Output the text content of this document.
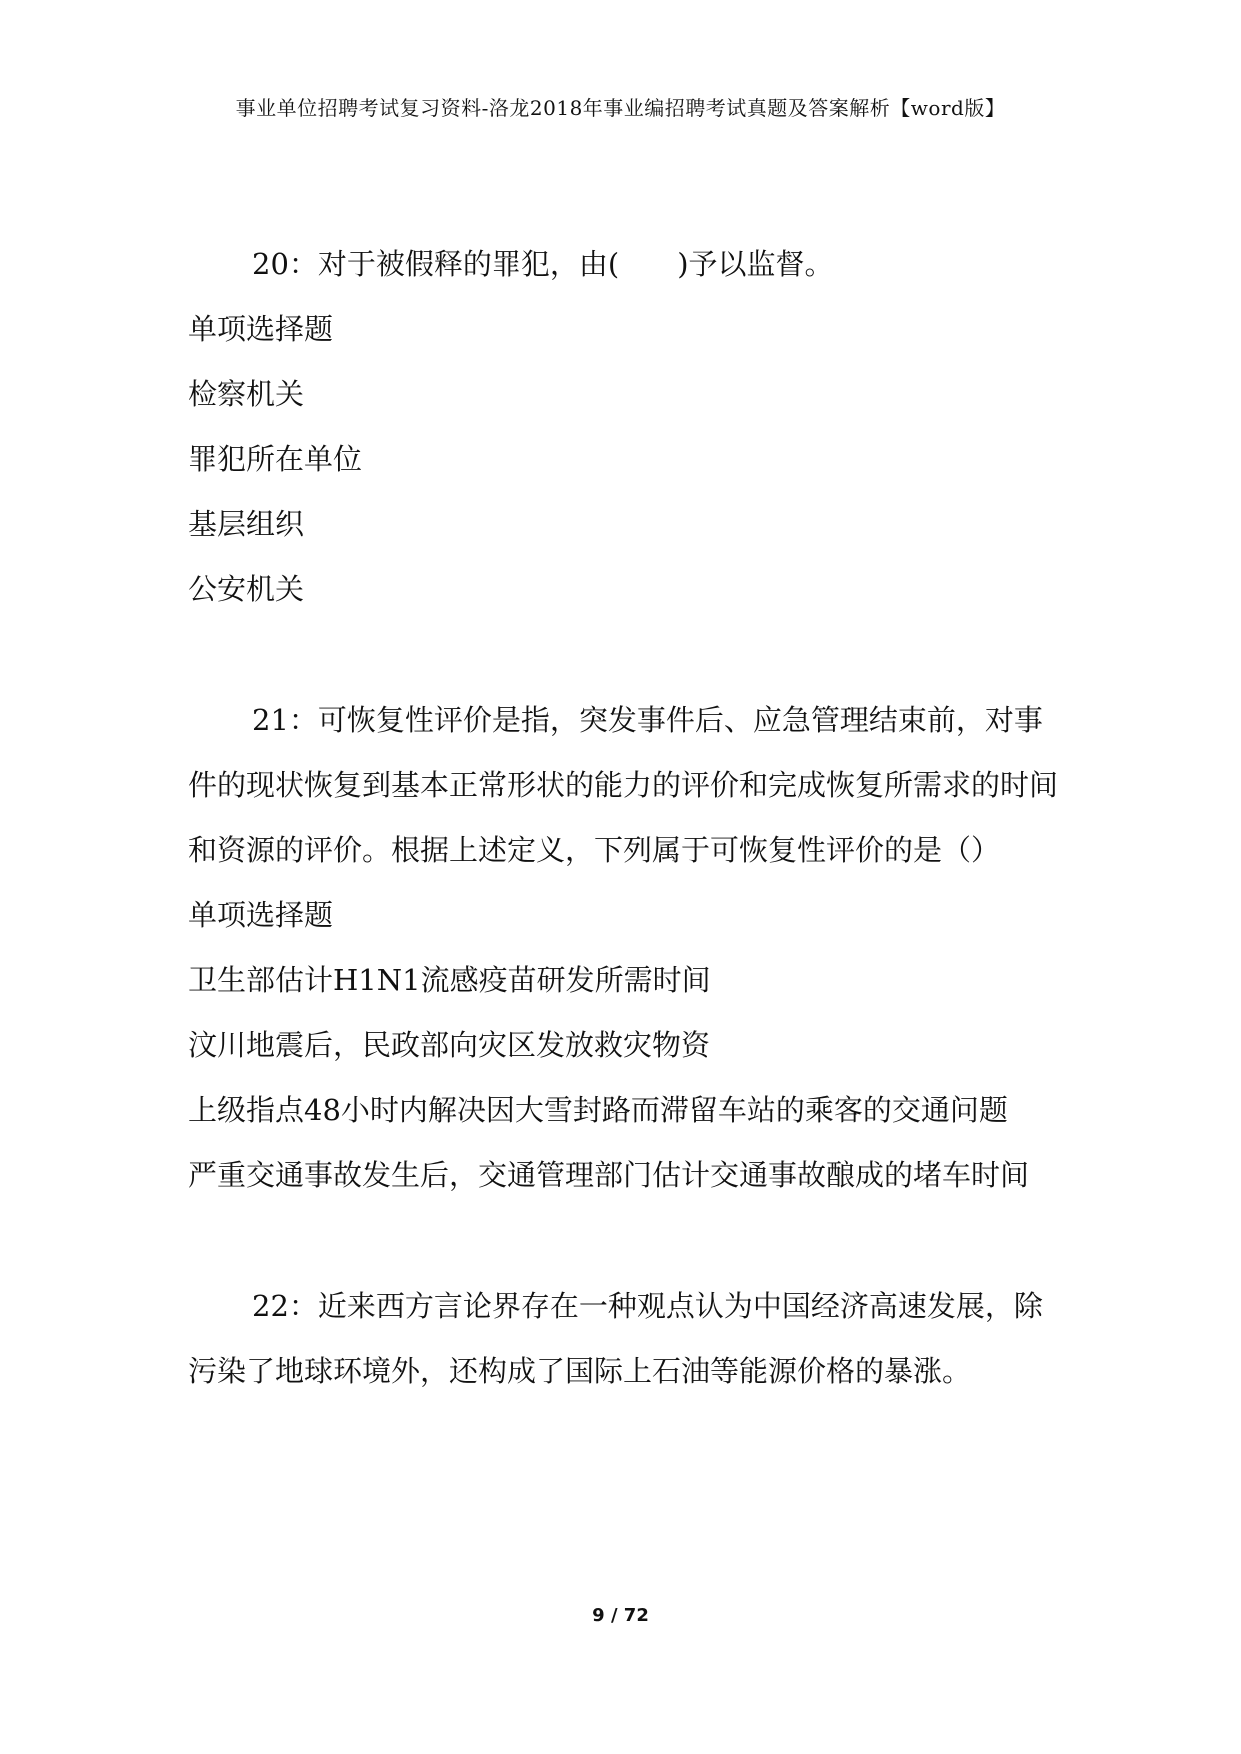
事业单位招聘考试复习资料-洛龙2018年事业编招聘考试真题及答案解析【word版】

20：对于被假释的罪犯，由(　　)予以监督。

单项选择题

检察机关

罪犯所在单位

基层组织

公安机关

21：可恢复性评价是指，突发事件后、应急管理结束前，对事件的现状恢复到基本正常形状的能力的评价和完成恢复所需求的时间和资源的评价。根据上述定义，下列属于可恢复性评价的是（）

单项选择题

卫生部估计H1N1流感疫苗研发所需时间

汶川地震后，民政部向灾区发放救灾物资

上级指点48小时内解决因大雪封路而滞留车站的乘客的交通问题

严重交通事故发生后，交通管理部门估计交通事故酿成的堵车时间

22：近来西方言论界存在一种观点认为中国经济高速发展，除污染了地球环境外，还构成了国际上石油等能源价格的暴涨。

9 / 72
